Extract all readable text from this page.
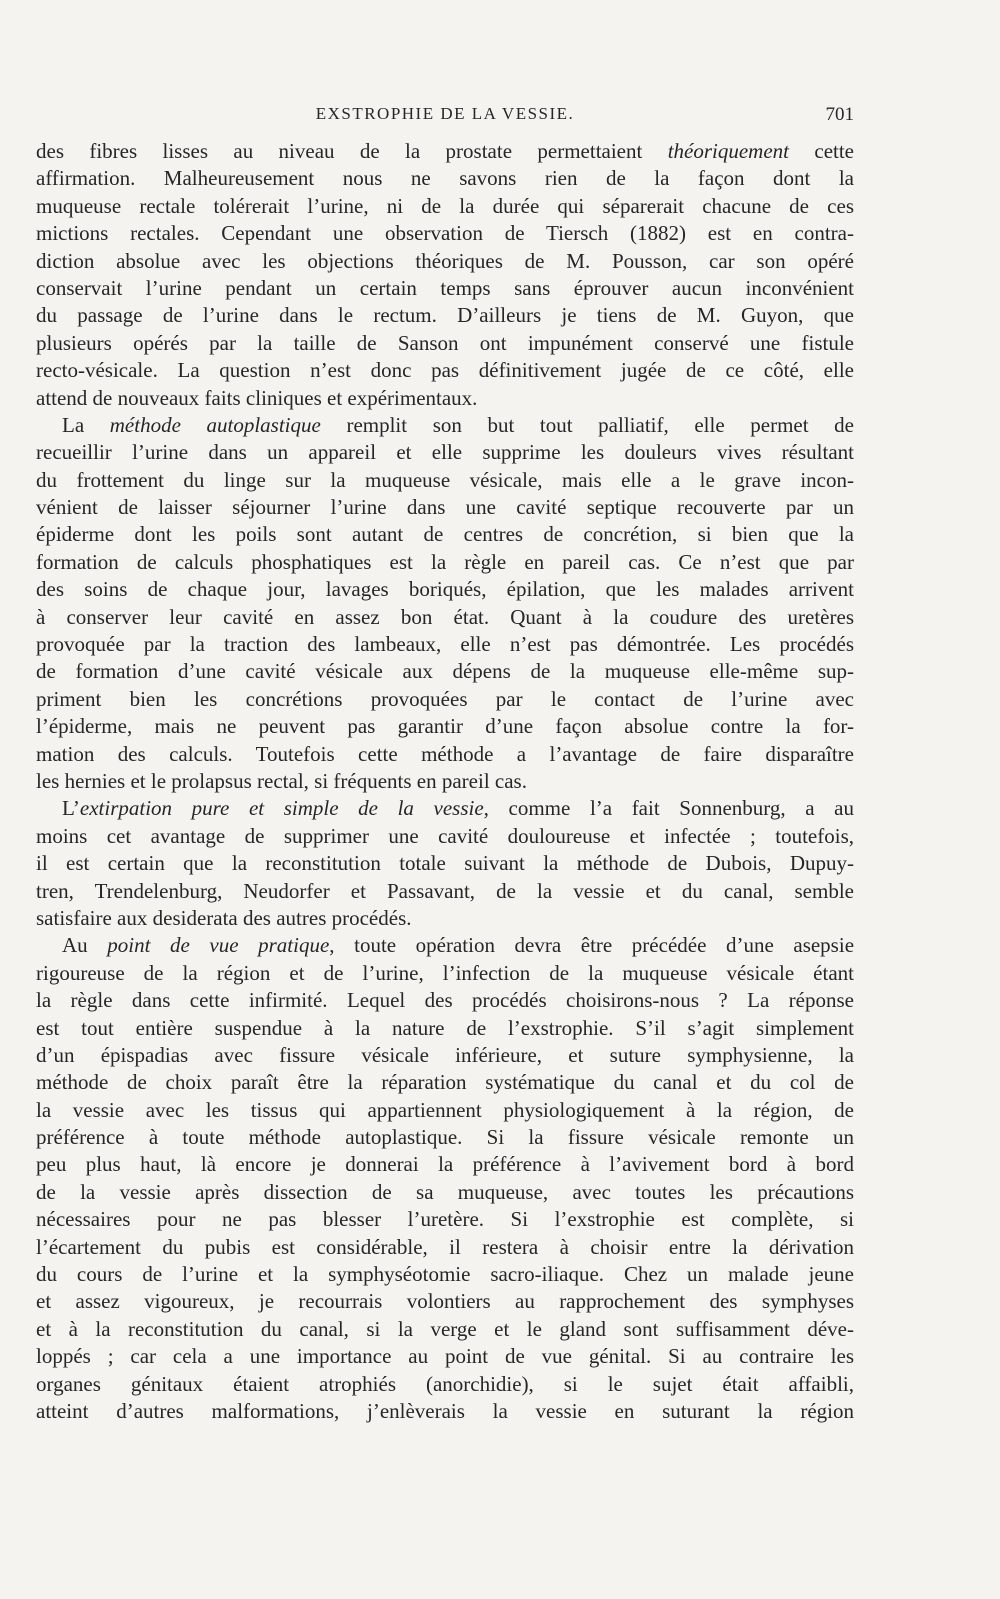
EXSTROPHIE DE LA VESSIE.	701
des fibres lisses au niveau de la prostate permettaient théoriquement cette
affirmation. Malheureusement nous ne savons rien de la façon dont la
muqueuse rectale tolérerait l’urine, ni de la durée qui séparerait chacune de ces
mictions rectales. Cependant une observation de Tiersch (1882) est en contra-
diction absolue avec les objections théoriques de M. Pousson, car son opéré
conservait l’urine pendant un certain temps sans éprouver aucun inconvénient
du passage de l’urine dans le rectum. D’ailleurs je tiens de M. Guyon, que
plusieurs opérés par la taille de Sanson ont impunément conservé une fistule
recto-vésicale. La question n’est donc pas définitivement jugée de ce côté, elle
attend de nouveaux faits cliniques et expérimentaux.
La méthode autoplastique remplit son but tout palliatif, elle permet de
recueillir l’urine dans un appareil et elle supprime les douleurs vives résultant
du frottement du linge sur la muqueuse vésicale, mais elle a le grave incon-
vénient de laisser séjourner l’urine dans une cavité septique recouverte par un
épiderme dont les poils sont autant de centres de concrétion, si bien que la
formation de calculs phosphatiques est la règle en pareil cas. Ce n’est que par
des soins de chaque jour, lavages boriqués, épilation, que les malades arrivent
à conserver leur cavité en assez bon état. Quant à la coudure des uretères
provoquée par la traction des lambeaux, elle n’est pas démontrée. Les procédés
de formation d’une cavité vésicale aux dépens de la muqueuse elle-même sup-
priment bien les concrétions provoquées par le contact de l’urine avec
l’épiderme, mais ne peuvent pas garantir d’une façon absolue contre la for-
mation des calculs. Toutefois cette méthode a l’avantage de faire disparaître
les hernies et le prolapsus rectal, si fréquents en pareil cas.
L’extirpation pure et simple de la vessie, comme l’a fait Sonnenburg, a au
moins cet avantage de supprimer une cavité douloureuse et infectée ; toutefois,
il est certain que la reconstitution totale suivant la méthode de Dubois, Dupuy-
tren, Trendelenburg, Neudorfer et Passavant, de la vessie et du canal, semble
satisfaire aux desiderata des autres procédés.
Au point de vue pratique, toute opération devra être précédée d’une asepsie
rigoureuse de la région et de l’urine, l’infection de la muqueuse vésicale étant
la règle dans cette infirmité. Lequel des procédés choisirons-nous ? La réponse
est tout entière suspendue à la nature de l’exstrophie. S’il s’agit simplement
d’un épispadias avec fissure vésicale inférieure, et suture symphysienne, la
méthode de choix paraît être la réparation systématique du canal et du col de
la vessie avec les tissus qui appartiennent physiologiquement à la région, de
préférence à toute méthode autoplastique. Si la fissure vésicale remonte un
peu plus haut, là encore je donnerai la préférence à l’avivement bord à bord
de la vessie après dissection de sa muqueuse, avec toutes les précautions
nécessaires pour ne pas blesser l’uretère. Si l’exstrophie est complète, si
l’écartement du pubis est considérable, il restera à choisir entre la dérivation
du cours de l’urine et la symphyséotomie sacro-iliaque. Chez un malade jeune
et assez vigoureux, je recourrais volontiers au rapprochement des symphyses
et à la reconstitution du canal, si la verge et le gland sont suffisamment déve-
loppés ; car cela a une importance au point de vue génital. Si au contraire les
organes génitaux étaient atrophiés (anorchidie), si le sujet était affaibli,
atteint d’autres malformations, j’enlèverais la vessie en suturant la région
